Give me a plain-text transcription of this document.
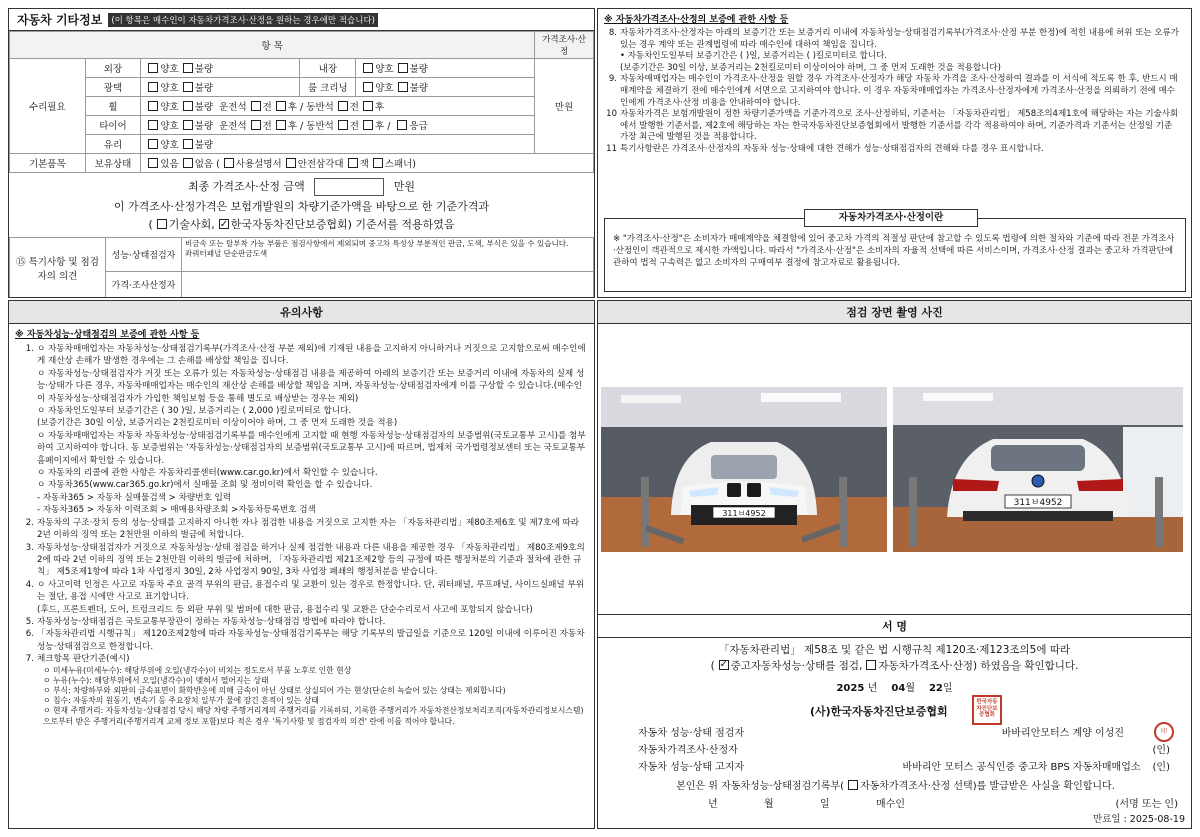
자동차 기타정보	(이 항목은 매수인이 자동차가격조사·산정을 원하는 경우에만 적습니다)
항 목					가격조사·산정
수리필요	외장	양호 불량	내장	양호 불량	만원
	광택	양호 불량	룸 크리닝	양호 불량	
	휠	양호 불량 운전석 전 후 / 동반석 전 후			
	타이어	양호 불량 운전석 전 후 / 동반석 전 후 / 응급			
	유리	양호 불량			
기본품목	보유상태	있음 없음 ( 사용설명서 안전삼각대 잭 스패너)			
최종 가격조사·산정 금액	만원
이 가격조사·산정가격은 보험개발원의 차량기준가액을 바탕으로 한 기준가격과
( 기술사회, ✓ 한국자동차진단보증협회) 기준서를 적용하였음
⑮ 특기사항 및 점검자의 의견	성능·상태점검자	비금속 또는 탈부착 가능 부품은 점검사항에서 제외되며 중고차 특성상 부분적인 판금, 도색, 부식은 있을 수 있습니다.
좌쿼터패널 단순판금도색

	가격·조사산정자	
※ 자동차가격조사·산정의 보증에 관한 사항 등
8. 자동차가격조사·산정자는 아래의 보증기간 또는 보증거리 이내에 자동차성능·상태점검기록부(가격조사·산정 부분 한정)에 적힌 내용에 허위 또는 오류가 있는 경우 계약 또는 관계법령에 따라 매수인에 대하여 책임을 집니다.
• 자동차인도일부터 보증기간은 ( )일, 보증거리는 ( )킬로미터로 합니다.
(보증기간은 30일 이상, 보증거리는 2천킬로미터 이상이어야 하며, 그 중 먼저 도래한 것을 적용합니다)
9. 자동차매매업자는 매수인이 가격조사·산정을 원할 경우 가격조사·산정자가 해당 자동차 가격을 조사·산정하여 결과를 이 서식에 적도록 한 후, 반드시 매매계약을 체결하기 전에 매수인에게 서면으로 고지하여야 합니다. 이 경우 자동차매매업자는 가격조사·산정자에게 가격조사·산정을 의뢰하기 전에 매수인에게 가격조사·산정 비용을 안내하여야 합니다.
10 자동차가격은 보험개발원이 정한 차량기준가액을 기준가격으로 조사·산정하되, 기준서는 「자동차관리법」 제58조의4제1호에 해당하는 자는 기술사회에서 발행한 기준서를, 제2호에 해당하는 자는 한국자동차진단보증협회에서 발행한 기준서를 각각 적용하여야 하며, 기준가격과 기준서는 산정일 기준 가장 최근에 발행된 것을 적용합니다.
11 특기사항란은 가격조사·산정자의 자동차 성능·상태에 대한 견해가 성능·상태점검자의 견해와 다를 경우 표시합니다.
자동차가격조사·산정이란
※ "가격조사·산정"은 소비자가 매매계약을 체결함에 있어 중고차 가격의 적절성 판단에 참고할 수 있도록 법령에 의한 절차와 기준에 따라 전문 가격조사·산정인이 객관적으로 제시한 가액입니다. 따라서 "가격조사·산정"은 소비자의 자율적 선택에 따른 서비스이며, 가격조사·산정 결과는 중고차 가격판단에 관하여 법적 구속력은 없고 소비자의 구매여부 결정에 참고자료로 활용됩니다.
유의사항
※ 자동차성능·상태점검의 보증에 관한 사항 등
1. ㅇ 자동차매매업자는 자동차성능·상태점검기록부(가격조사·산정 부분 제외)에 기재된 내용을 고지하지 아니하거나 거짓으로 고지함으로써 매수인에게 재산상 손해가 발생한 경우에는 그 손해를 배상할 책임을 집니다.
ㅇ 자동차성능·상태점검자가 거짓 또는 오류가 있는 자동차성능·상태점검 내용을 제공하여 아래의 보증기간 또는 보증거리 이내에 자동차의 실제 성능·상태가 다른 경우, 자동차매매업자는 매수인의 재산상 손해를 배상할 책임을 지며, 자동차성능·상태점검자에게 이를 구상할 수 있습니다.(매수인이 자동차성능·상태점검자가 가입한 책임보험 등을 통해 별도로 배상받는 경우는 제외)
ㅇ 자동차인도일부터 보증기간은 ( 30 )일, 보증거리는 ( 2,000 )킬로미터로 합니다.
(보증기간은 30일 이상, 보증거리는 2천킬로미터 이상이어야 하며, 그 중 먼저 도래한 것을 적용)
ㅇ 자동차매매업자는 자동차 자동차성능·상태점검기록부를 매수인에게 고지할 때 현행 자동차성능·상태점검자의 보증범위(국토교통부 고시)를 첨부하여 고지하여야 합니다. 동 보증범위는 '자동차성능·상태점검자의 보증범위(국토교통부 고시)에 따르며, 법제처 국가법령정보센터 또는 국토교통부 홈페이지에서 확인할 수 있습니다.
ㅇ 자동차의 리콜에 관한 사항은 자동차리콜센터(www.car.go.kr)에서 확인할 수 있습니다.
ㅇ 자동차365(www.car365.go.kr)에서 실매물 조회 및 정비이력 확인을 할 수 있습니다.
- 자동차365 > 자동차 실매물검색 > 차량번호 입력
- 자동차365 > 자동차 이력조회 > 매매용차량조회 >자동차등록번호 검색
2. 자동차의 구조·장치 등의 성능·상태를 고지하지 아니한 자나 점검한 내용을 거짓으로 고지한 자는 「자동차관리법」제80조제6호 및 제7호에 따라 2년 이하의 징역 또는 2천만원 이하의 벌금에 처합니다.
3. 자동차성능·상태점검자가 거짓으로 자동차성능·상태 점검을 하거나 실제 점검한 내용과 다른 내용을 제공한 경우 「자동차관리법」 제80조제9호의2에 따라 2년 이하의 징역 또는 2천만원 이하의 벌금에 처하며, 「자동차관리법 제21조제2항 등의 규정에 따른 행정처분의 기준과 절차에 관한 규칙」 제5조제1항에 따라 1차 사업정지 30일, 2차 사업정지 90일, 3차 사업장 폐쇄의 행정처분을 받습니다.
4. ㅇ 사고이력 인정은 사고로 자동차 주요 골격 부위의 판금, 용접수리 및 교환이 있는 경우로 한정합니다. 단, 쿼터패널, 루프패널, 사이드실패널 부위는 절단, 용접 시에만 사고로 표기합니다.
(후드, 프론트펜더, 도어, 트렁크리드 등 외판 부위 및 범퍼에 대한 판금, 용접수리 및 교환은 단순수리로서 사고에 포함되지 않습니다)
5. 자동차성능·상태점검은 국토교통부장관이 정하는 자동차성능·상태점검 방법에 따라야 합니다.
6. 「자동차관리법 시행규칙」 제120조제2항에 따라 자동차성능·상태점검기록부는 해당 기록부의 발급일을 기준으로 120일 이내에 이루어진 자동차 성능·상태점검으로 한정합니다.
7. 체크항목 판단기준(예시)
ㅇ 미세누유(미세누수): 해당부위에 오일(냉각수)이 비치는 정도로서 부품 노후로 인한 현상
ㅇ 누유(누수): 해당부위에서 오일(냉각수)이 맺혀서 떨어지는 상태
ㅇ 부식: 차량하부와 외판의 금속표면이 화학반응에 의해 금속이 아닌 상태로 상실되어 가는 현상(단순히 녹슬어 있는 상태는 제외합니다)
ㅇ 침수: 자동차의 원동기, 변속기 등 주요장치 일부가 물에 잠긴 흔적이 있는 상태
ㅇ 현재 주행거리: 자동차성능·상태점검 당시 해당 차량 주행거리계의 주행거리를 기록하되, 기록한 주행거리가 자동차전산정보처리조직(자동차관리정보시스템)으로부터 받은 주행거리(주행거리계 교체 정보 포함)보다 적은 경우 '특기사항 및 점검자의 의견' 란에 이를 적어야 합니다.
점검 장면 촬영 사진
311ㅂ4952
311ㅂ4952
서 명
「자동차관리법」 제58조 및 같은 법 시행규칙 제120조·제123조의5에 따라
( ✓ 중고자동차성능·상태를 점검, 자동차가격조사·산정) 하였음을 확인합니다.
2025 년 04월 22일
(사)한국자동차진단보증협회
한국자동차진단보증협회
자동차 성능·상태 점검자	바바리안모터스 계양 이성진	印
자동차가격조사·산정자	(인)
자동차 성능·상태 고지자	바바리안 모터스 공식인증 중고차 BPS 자동차매매업소	(인)
본인은 위 자동차성능·상태점검기록부( 자동차가격조사·산정 선택)를 발급받은 사실을 확인합니다.
년	월	일	매수인	(서명 또는 인)
만료일 : 2025-08-19
